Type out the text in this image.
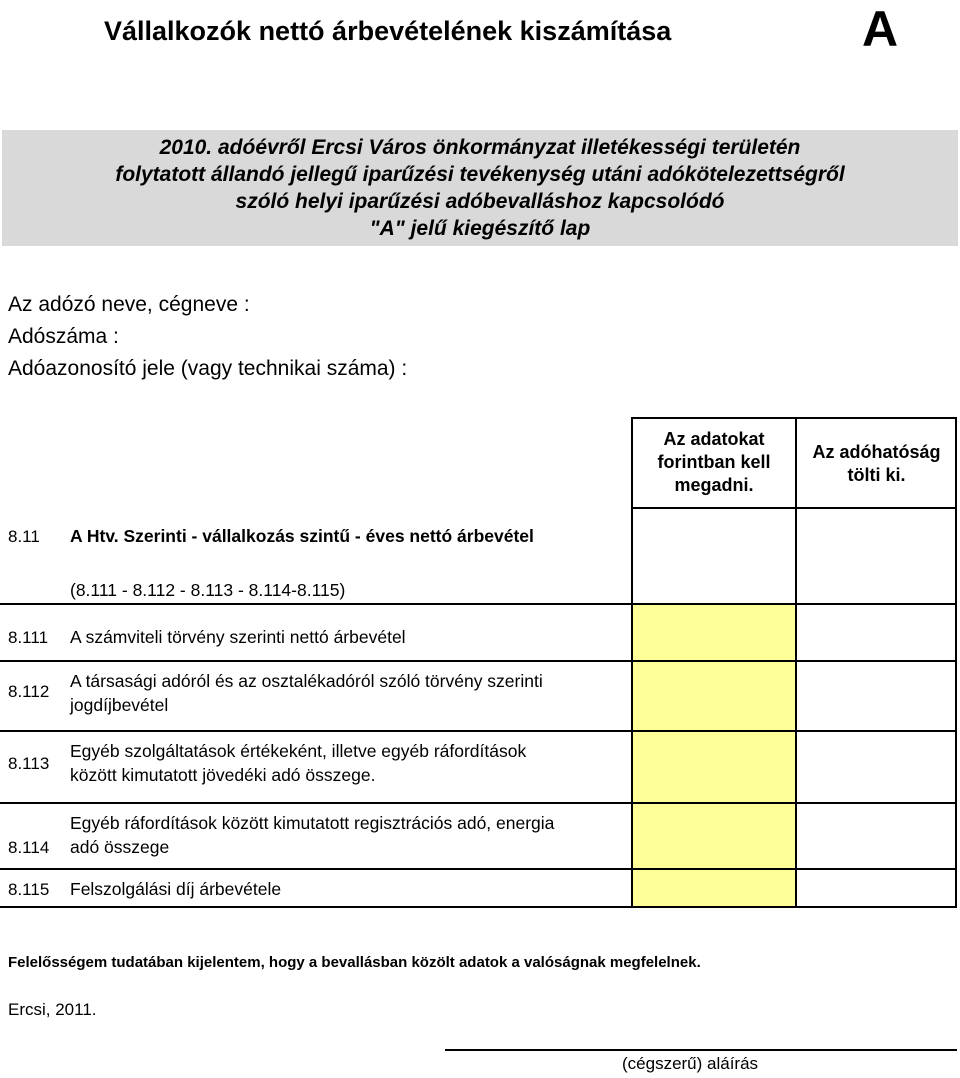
Vállalkozók nettó árbevételének kiszámítása	A
2010. adóévről Ercsi Város önkormányzat illetékességi területén
folytatott állandó jellegű iparűzési tevékenység utáni adókötelezettségről
szóló helyi iparűzési adóbevalláshoz kapcsolódó
"A" jelű kiegészítő lap
Az adózó neve, cégneve :
Adószáma :
Adóazonosító jele (vagy technikai száma) :
Az adatokat
forintban kell
megadni.
Az adóhatóság
tölti ki.
8.11 A Htv. Szerinti - vállalkozás szintű - éves nettó árbevétel
(8.111 - 8.112 - 8.113 - 8.114-8.115)
8.111 A számviteli törvény szerinti nettó árbevétel
8.112
A társasági adóról és az osztalékadóról szóló törvény szerinti
jogdíjbevétel
8.113
Egyéb szolgáltatások értékeként, illetve egyéb ráfordítások
között kimutatott jövedéki adó összege.
8.114
Egyéb ráfordítások között kimutatott regisztrációs adó, energia
adó összege
8.115 Felszolgálási díj árbevétele
Felelősségem tudatában kijelentem, hogy a bevallásban közölt adatok a valóságnak megfelelnek.
Ercsi, 2011.
(cégszerű) aláírás
